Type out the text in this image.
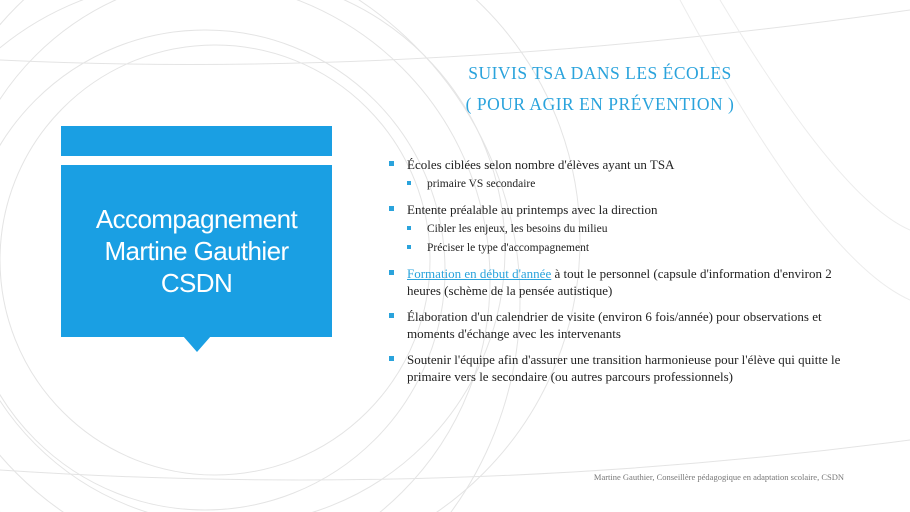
SUIVIS TSA DANS LES ÉCOLES
( POUR AGIR EN PRÉVENTION )
Accompagnement
Martine Gauthier
CSDN
Écoles ciblées selon nombre d'élèves ayant un TSA
primaire VS secondaire
Entente préalable au printemps avec la direction
Cibler les enjeux, les besoins du milieu
Préciser le type d'accompagnement
Formation en début d'année à tout le personnel (capsule d'information d'environ 2 heures (schème de la pensée autistique)
Élaboration d'un calendrier de visite (environ 6 fois/année) pour observations et moments d'échange avec les intervenants
Soutenir l'équipe afin d'assurer une transition harmonieuse pour l'élève qui quitte le primaire vers le secondaire (ou autres parcours professionnels)
Martine Gauthier, Conseillère pédagogique en adaptation scolaire, CSDN
